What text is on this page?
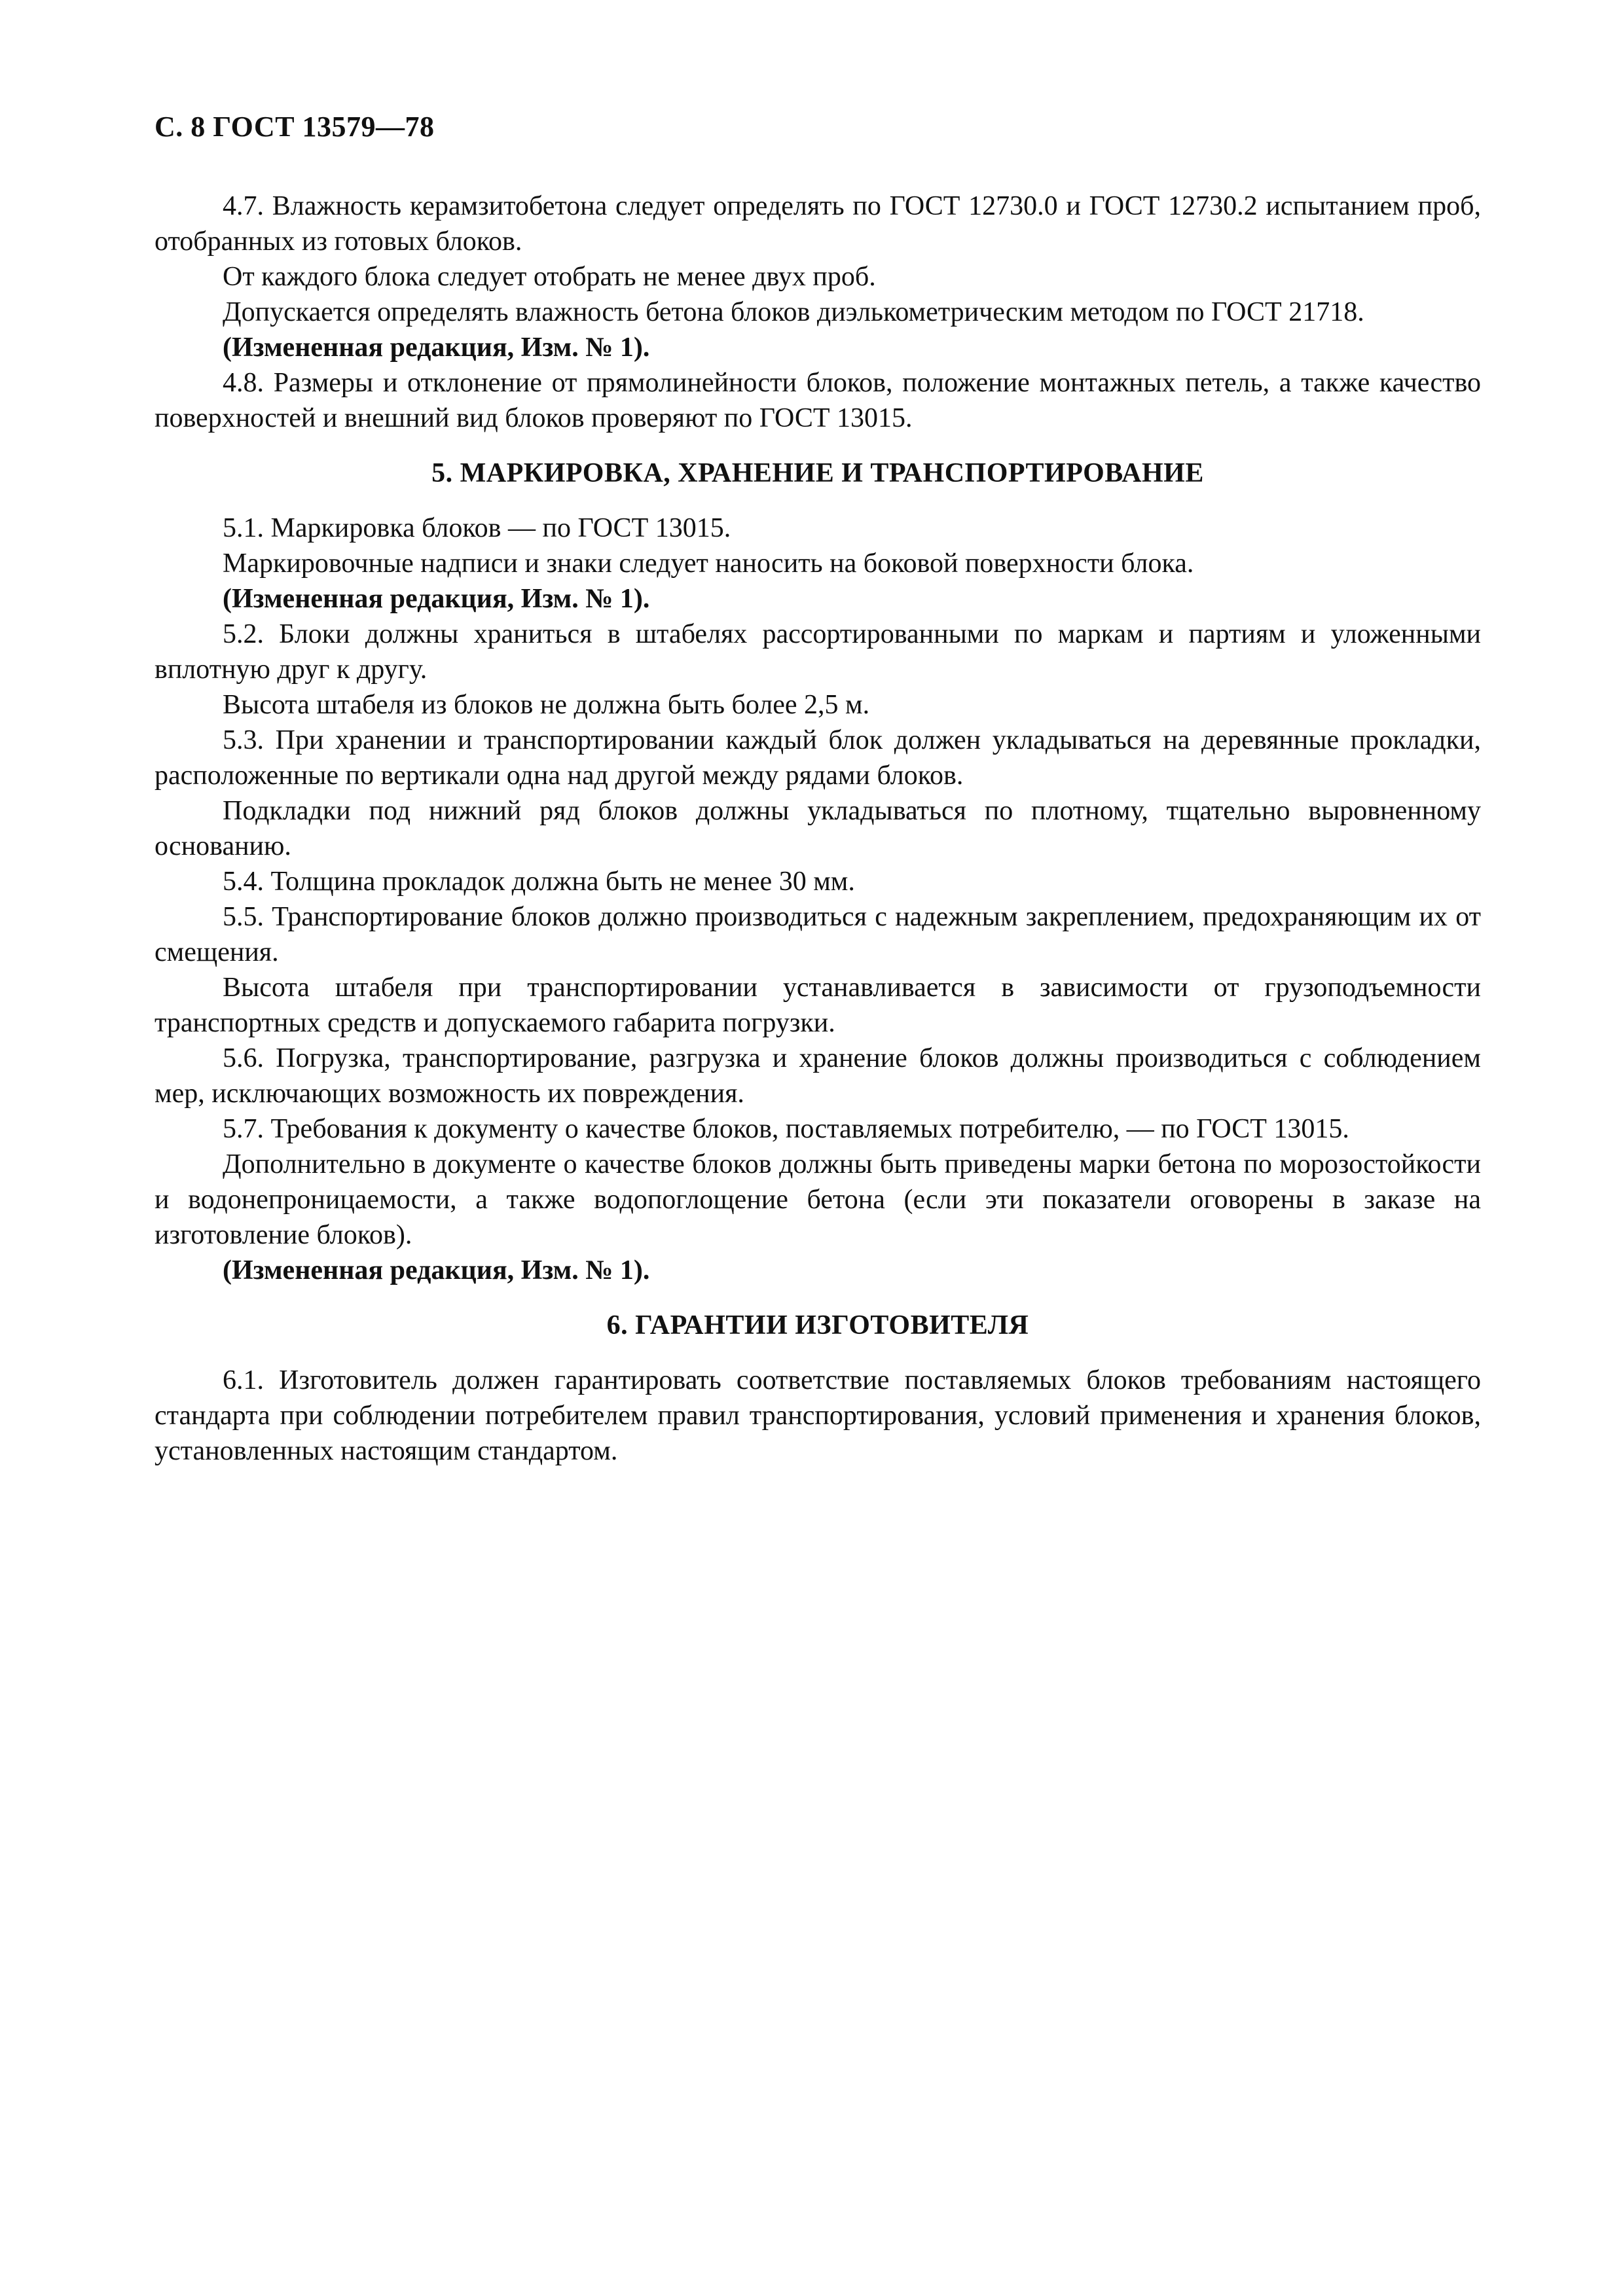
С. 8 ГОСТ 13579—78

4.7. Влажность керамзитобетона следует определять по ГОСТ 12730.0 и ГОСТ 12730.2 испытанием проб, отобранных из готовых блоков.

От каждого блока следует отобрать не менее двух проб.

Допускается определять влажность бетона блоков диэлькометрическим методом по ГОСТ 21718.

(Измененная редакция, Изм. № 1).

4.8. Размеры и отклонение от прямолинейности блоков, положение монтажных петель, а также качество поверхностей и внешний вид блоков проверяют по ГОСТ 13015.

5. МАРКИРОВКА, ХРАНЕНИЕ И ТРАНСПОРТИРОВАНИЕ

5.1. Маркировка блоков — по ГОСТ 13015.

Маркировочные надписи и знаки следует наносить на боковой поверхности блока.

(Измененная редакция, Изм. № 1).

5.2. Блоки должны храниться в штабелях рассортированными по маркам и партиям и уложенными вплотную друг к другу.

Высота штабеля из блоков не должна быть более 2,5 м.

5.3. При хранении и транспортировании каждый блок должен укладываться на деревянные прокладки, расположенные по вертикали одна над другой между рядами блоков.

Подкладки под нижний ряд блоков должны укладываться по плотному, тщательно выровненному основанию.

5.4. Толщина прокладок должна быть не менее 30 мм.

5.5. Транспортирование блоков должно производиться с надежным закреплением, предохраняющим их от смещения.

Высота штабеля при транспортировании устанавливается в зависимости от грузоподъемности транспортных средств и допускаемого габарита погрузки.

5.6. Погрузка, транспортирование, разгрузка и хранение блоков должны производиться с соблюдением мер, исключающих возможность их повреждения.

5.7. Требования к документу о качестве блоков, поставляемых потребителю, — по ГОСТ 13015.

Дополнительно в документе о качестве блоков должны быть приведены марки бетона по морозостойкости и водонепроницаемости, а также водопоглощение бетона (если эти показатели оговорены в заказе на изготовление блоков).

(Измененная редакция, Изм. № 1).

6. ГАРАНТИИ ИЗГОТОВИТЕЛЯ

6.1. Изготовитель должен гарантировать соответствие поставляемых блоков требованиям настоящего стандарта при соблюдении потребителем правил транспортирования, условий применения и хранения блоков, установленных настоящим стандартом.
